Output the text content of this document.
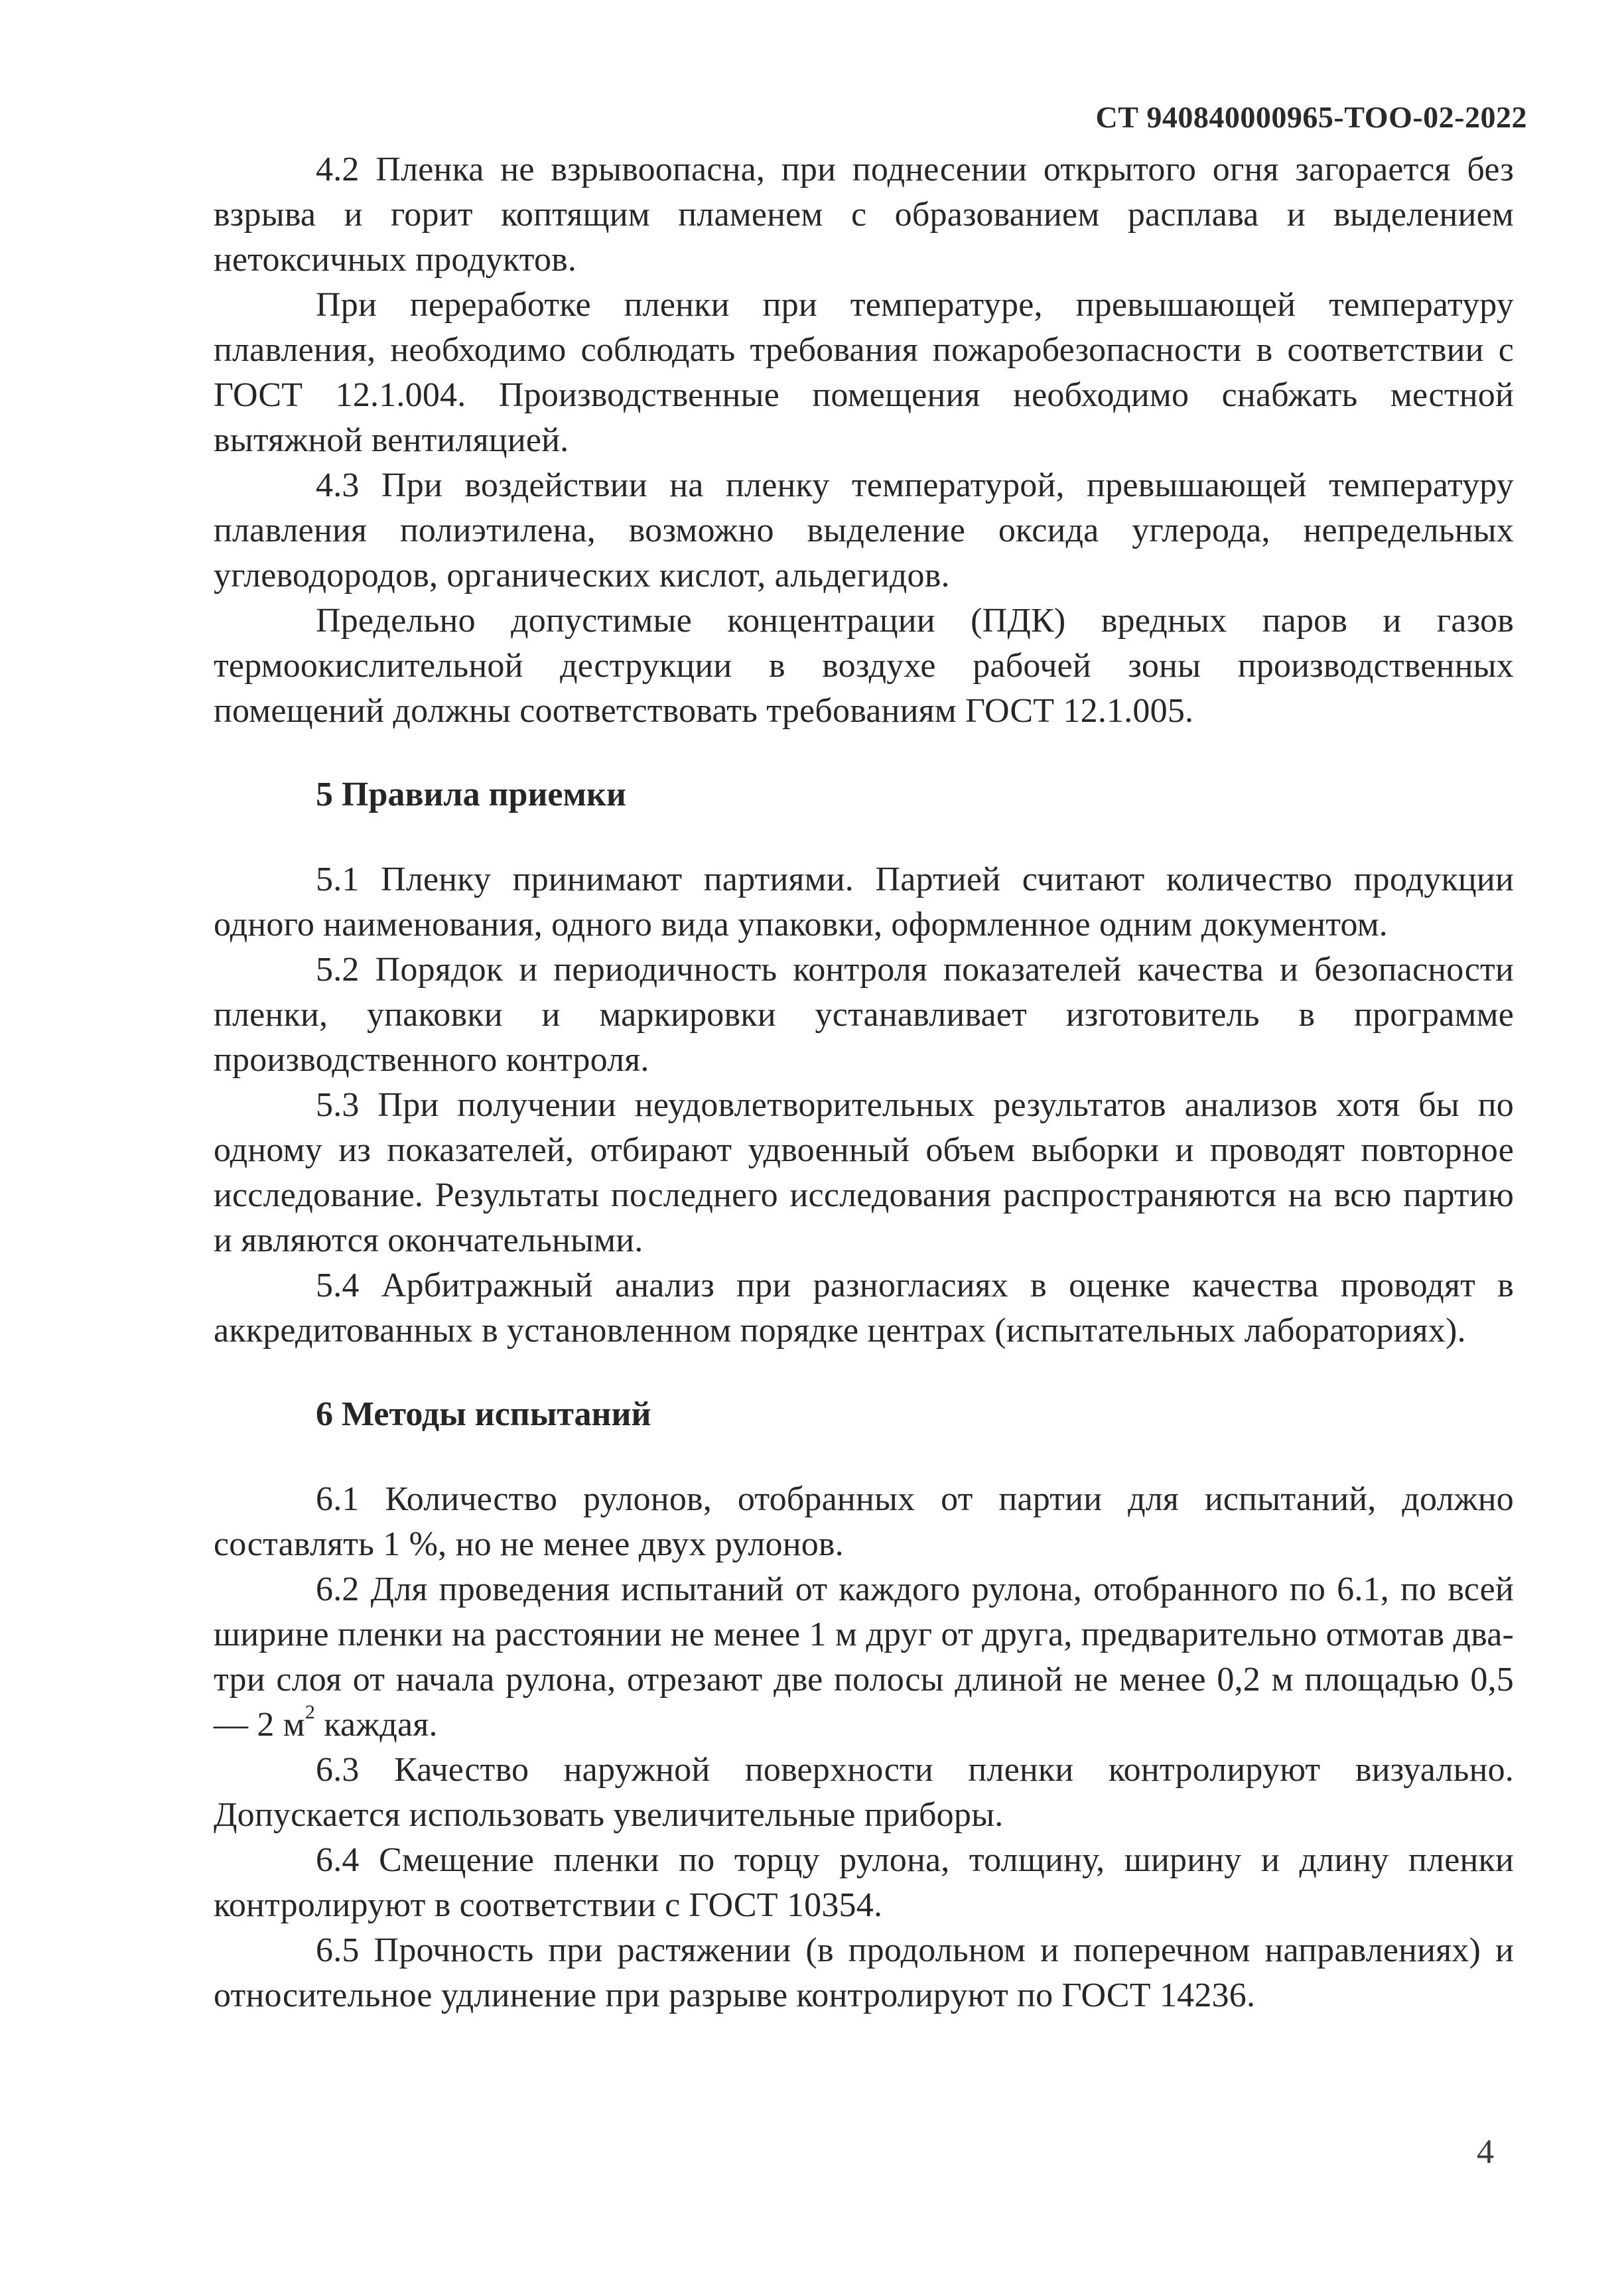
СТ 940840000965-ТОО-02-2022

4.2 Пленка не взрывоопасна, при поднесении открытого огня загорается без взрыва и горит коптящим пламенем с образованием расплава и выделением нетоксичных продуктов.

При переработке пленки при температуре, превышающей температуру плавления, необходимо соблюдать требования пожаробезопасности в соответствии с ГОСТ 12.1.004. Производственные помещения необходимо снабжать местной вытяжной вентиляцией.

4.3 При воздействии на пленку температурой, превышающей температуру плавления полиэтилена, возможно выделение оксида углерода, непредельных углеводородов, органических кислот, альдегидов.

Предельно допустимые концентрации (ПДК) вредных паров и газов термоокислительной деструкции в воздухе рабочей зоны производственных помещений должны соответствовать требованиям ГОСТ 12.1.005.

5 Правила приемки

5.1 Пленку принимают партиями. Партией считают количество продукции одного наименования, одного вида упаковки, оформленное одним документом.

5.2 Порядок и периодичность контроля показателей качества и безопасности пленки, упаковки и маркировки устанавливает изготовитель в программе производственного контроля.

5.3 При получении неудовлетворительных результатов анализов хотя бы по одному из показателей, отбирают удвоенный объем выборки и проводят повторное исследование. Результаты последнего исследования распространяются на всю партию и являются окончательными.

5.4 Арбитражный анализ при разногласиях в оценке качества проводят в аккредитованных в установленном порядке центрах (испытательных лабораториях).

6 Методы испытаний

6.1 Количество рулонов, отобранных от партии для испытаний, должно составлять 1 %, но не менее двух рулонов.

6.2 Для проведения испытаний от каждого рулона, отобранного по 6.1, по всей ширине пленки на расстоянии не менее 1 м друг от друга, предварительно отмотав два-три слоя от начала рулона, отрезают две полосы длиной не менее 0,2 м площадью 0,5— 2 $м^2$ каждая.

6.3 Качество наружной поверхности пленки контролируют визуально. Допускается использовать увеличительные приборы.

6.4 Смещение пленки по торцу рулона, толщину, ширину и длину пленки контролируют в соответствии с ГОСТ 10354.

6.5 Прочность при растяжении (в продольном и поперечном направлениях) и относительное удлинение при разрыве контролируют по ГОСТ 14236.

4
